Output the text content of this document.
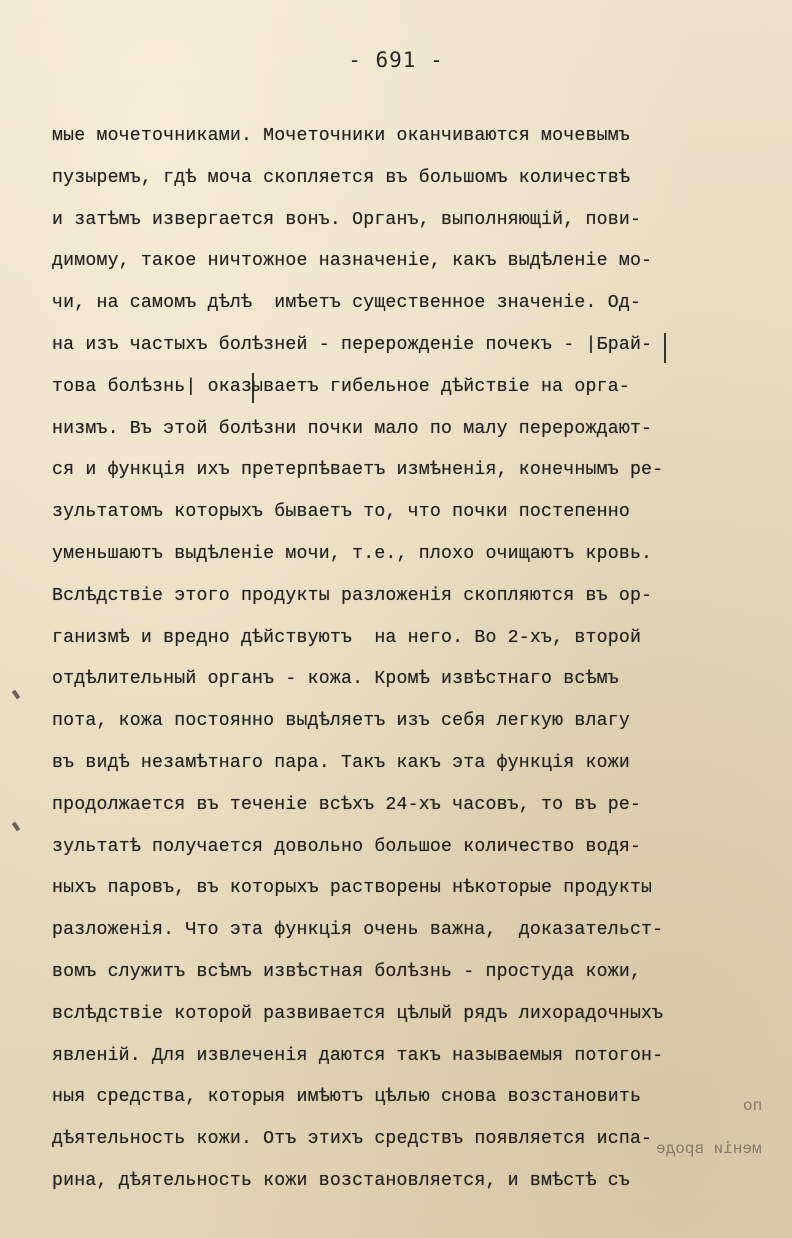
- 691 -
по
меніи вроде
мые мочеточниками. Мочеточники оканчиваются мочевымъ
пузыремъ, гдѣ моча скопляется въ большомъ количествѣ
и затѣмъ извергается вонъ. Органъ, выполняющій, пови-
димому, такое ничтожное назначеніе, какъ выдѣленіе мо-
чи, на самомъ дѣлѣ  имѣетъ существенное значеніе. Од-
на изъ частыхъ болѣзней - перерожденіе почекъ - |Брай-
това болѣзнь| оказываетъ гибельное дѣйствіе на орга-
низмъ. Въ этой болѣзни почки мало по малу перерождают-
ся и функція ихъ претерпѣваетъ измѣненія, конечнымъ ре-
зультатомъ которыхъ бываетъ то, что почки постепенно
уменьшаютъ выдѣленіе мочи, т.е., плохо очищаютъ кровь.
Вслѣдствіе этого продукты разложенія скопляются въ ор-
ганизмѣ и вредно дѣйствуютъ  на него. Во 2-хъ, второй
отдѣлительный органъ - кожа. Кромѣ извѣстнаго всѣмъ
пота, кожа постоянно выдѣляетъ изъ себя легкую влагу
въ видѣ незамѣтнаго пара. Такъ какъ эта функція кожи
продолжается въ теченіе всѣхъ 24-хъ часовъ, то въ ре-
зультатѣ получается довольно большое количество водя-
ныхъ паровъ, въ которыхъ растворены нѣкоторые продукты
разложенія. Что эта функція очень важна,  доказательст-
вомъ служитъ всѣмъ извѣстная болѣзнь - простуда кожи,
вслѣдствіе которой развивается цѣлый рядъ лихорадочныхъ
явленій. Для извлеченія даются такъ называемыя потогон-
ныя средства, которыя имѣютъ цѣлью снова возстановить
дѣятельность кожи. Отъ этихъ средствъ появляется испа-
рина, дѣятельность кожи возстановляется, и вмѣстѣ съ
